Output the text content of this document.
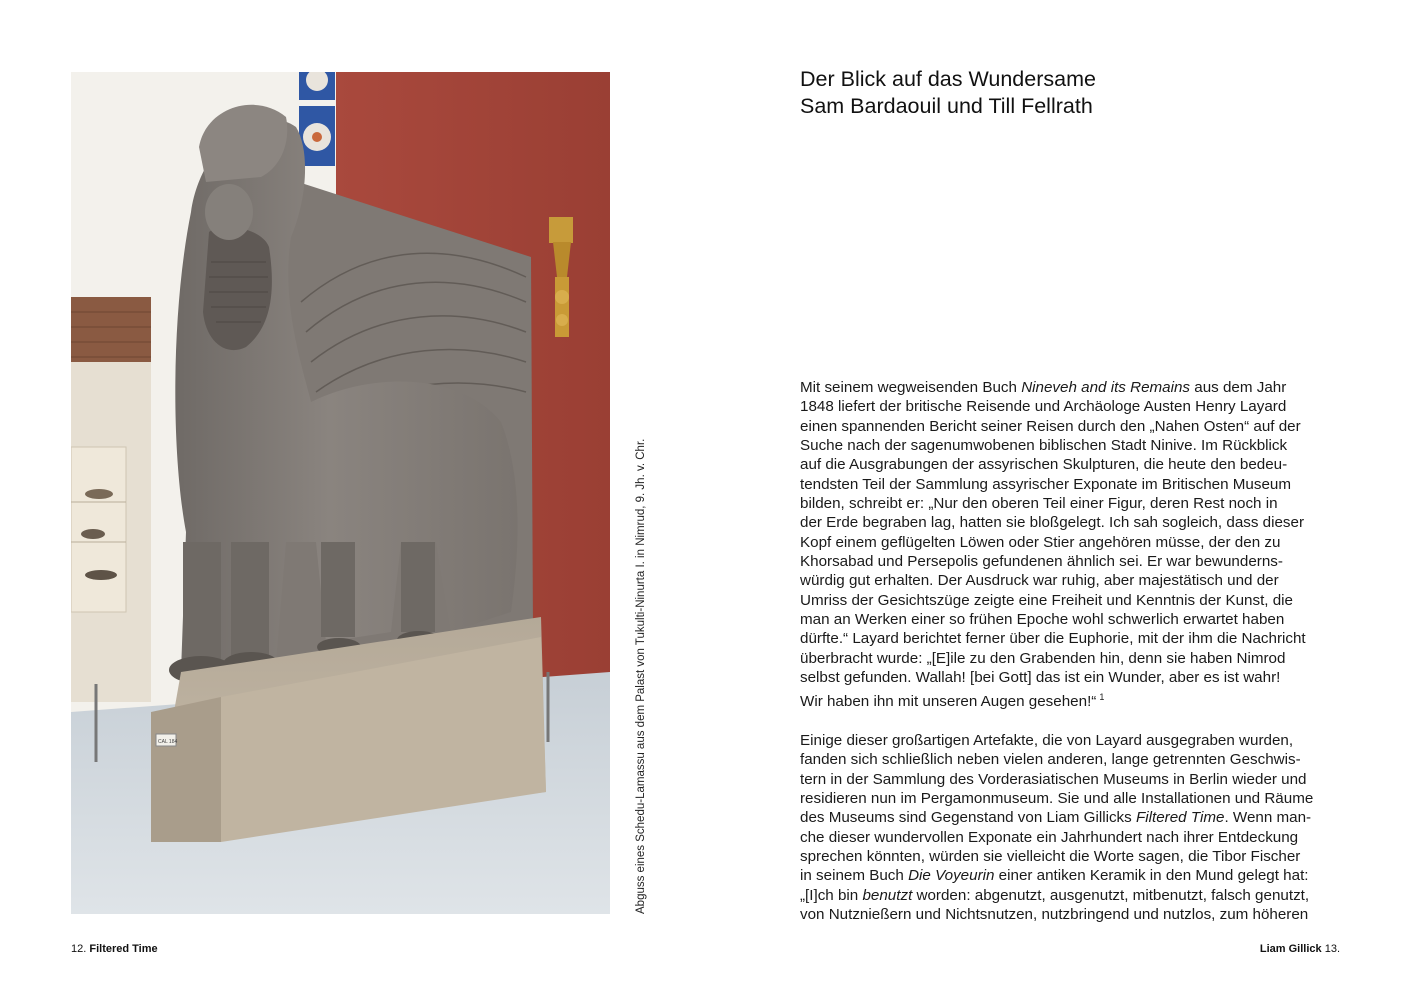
CAL 184	Abguss eines Schedu-Lamassu aus dem Palast von Tukulti-Ninurta I. in Nimrud, 9. Jh. v. Chr.
Der Blick auf das Wundersame
Sam Bardaouil und Till Fellrath

Mit seinem wegweisenden Buch Nineveh and its Remains aus dem Jahr
1848 liefert der britische Reisende und Archäologe Austen Henry Layard
einen spannenden Bericht seiner Reisen durch den „Nahen Osten“ auf der
Suche nach der sagenumwobenen biblischen Stadt Ninive. Im Rückblick
auf die Ausgrabungen der assyrischen Skulpturen, die heute den bedeu-
tendsten Teil der Sammlung assyrischer Exponate im Britischen Museum
bilden, schreibt er: „Nur den oberen Teil einer Figur, deren Rest noch in
der Erde begraben lag, hatten sie bloßgelegt. Ich sah sogleich, dass dieser
Kopf einem geflügelten Löwen oder Stier angehören müsse, der den zu
Khorsabad und Persepolis gefundenen ähnlich sei. Er war bewunderns-
würdig gut erhalten. Der Ausdruck war ruhig, aber majestätisch und der
Umriss der Gesichtszüge zeigte eine Freiheit und Kenntnis der Kunst, die
man an Werken einer so frühen Epoche wohl schwerlich erwartet haben
dürfte.“ Layard berichtet ferner über die Euphorie, mit der ihm die Nachricht
überbracht wurde: „[E]ile zu den Grabenden hin, denn sie haben Nimrod
selbst gefunden. Wallah! [bei Gott] das ist ein Wunder, aber es ist wahr!
Wir haben ihn mit unseren Augen gesehen!“ $^1$

Einige dieser großartigen Artefakte, die von Layard ausgegraben wurden,
fanden sich schließlich neben vielen anderen, lange getrennten Geschwis-
tern in der Sammlung des Vorderasiatischen Museums in Berlin wieder und
residieren nun im Pergamonmuseum. Sie und alle Installationen und Räume
des Museums sind Gegenstand von Liam Gillicks Filtered Time. Wenn man-
che dieser wundervollen Exponate ein Jahrhundert nach ihrer Entdeckung
sprechen könnten, würden sie vielleicht die Worte sagen, die Tibor Fischer
in seinem Buch Die Voyeurin einer antiken Keramik in den Mund gelegt hat:
„[I]ch bin benutzt worden: abgenutzt, ausgenutzt, mitbenutzt, falsch genutzt,
von Nutznießern und Nichtsnutzen, nutzbringend und nutzlos, zum höheren

12. Filtered Time	Liam Gillick 13.
